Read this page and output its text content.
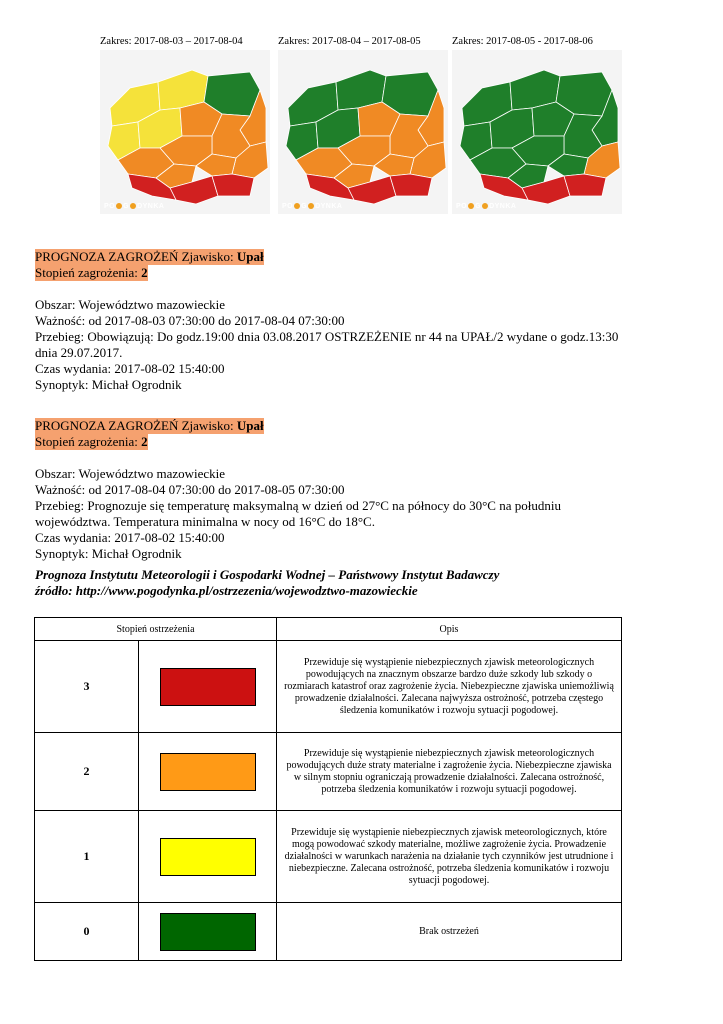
Zakres: 2017-08-03 – 2017-08-04
PO G DYNKA
Zakres: 2017-08-04 – 2017-08-05
PO G DYNKA
Zakres: 2017-08-05 - 2017-08-06
PO G DYNKA
PROGNOZA ZAGROŻEŃ Zjawisko: Upał
Stopień zagrożenia: 2
Obszar: Województwo mazowieckie
Ważność: od 2017-08-03 07:30:00 do 2017-08-04 07:30:00
Przebieg: Obowiązują: Do godz.19:00 dnia 03.08.2017 OSTRZEŻENIE nr 44 na UPAŁ/2 wydane o godz.13:30
dnia 29.07.2017.
Czas wydania: 2017-08-02 15:40:00
Synoptyk: Michał Ogrodnik
PROGNOZA ZAGROŻEŃ Zjawisko: Upał
Stopień zagrożenia: 2
Obszar: Województwo mazowieckie
Ważność: od 2017-08-04 07:30:00 do 2017-08-05 07:30:00
Przebieg: Prognozuje się temperaturę maksymalną w dzień od 27°C na północy do 30°C na południu
województwa. Temperatura minimalna w nocy od 16°C do 18°C.
Czas wydania: 2017-08-02 15:40:00
Synoptyk: Michał Ogrodnik
Prognoza Instytutu Meteorologii i Gospodarki Wodnej – Państwowy Instytut Badawczy
źródło: http://www.pogodynka.pl/ostrzezenia/wojewodztwo-mazowieckie
Stopień ostrzeżenia		Opis
3		Przewiduje się wystąpienie niebezpiecznych zjawisk meteorologicznych powodujących na znacznym obszarze bardzo duże szkody lub szkody o rozmiarach katastrof oraz zagrożenie życia. Niebezpieczne zjawiska uniemożliwią prowadzenie działalności. Zalecana najwyższa ostrożność, potrzeba częstego śledzenia komunikatów i rozwoju sytuacji pogodowej.
2		Przewiduje się wystąpienie niebezpiecznych zjawisk meteorologicznych powodujących duże straty materialne i zagrożenie życia. Niebezpieczne zjawiska w silnym stopniu ograniczają prowadzenie działalności. Zalecana ostrożność, potrzeba śledzenia komunikatów i rozwoju sytuacji pogodowej.
1		Przewiduje się wystąpienie niebezpiecznych zjawisk meteorologicznych, które mogą powodować szkody materialne, możliwe zagrożenie życia. Prowadzenie działalności w warunkach narażenia na działanie tych czynników jest utrudnione i niebezpieczne. Zalecana ostrożność, potrzeba śledzenia komunikatów i rozwoju sytuacji pogodowej.
0		Brak ostrzeżeń
